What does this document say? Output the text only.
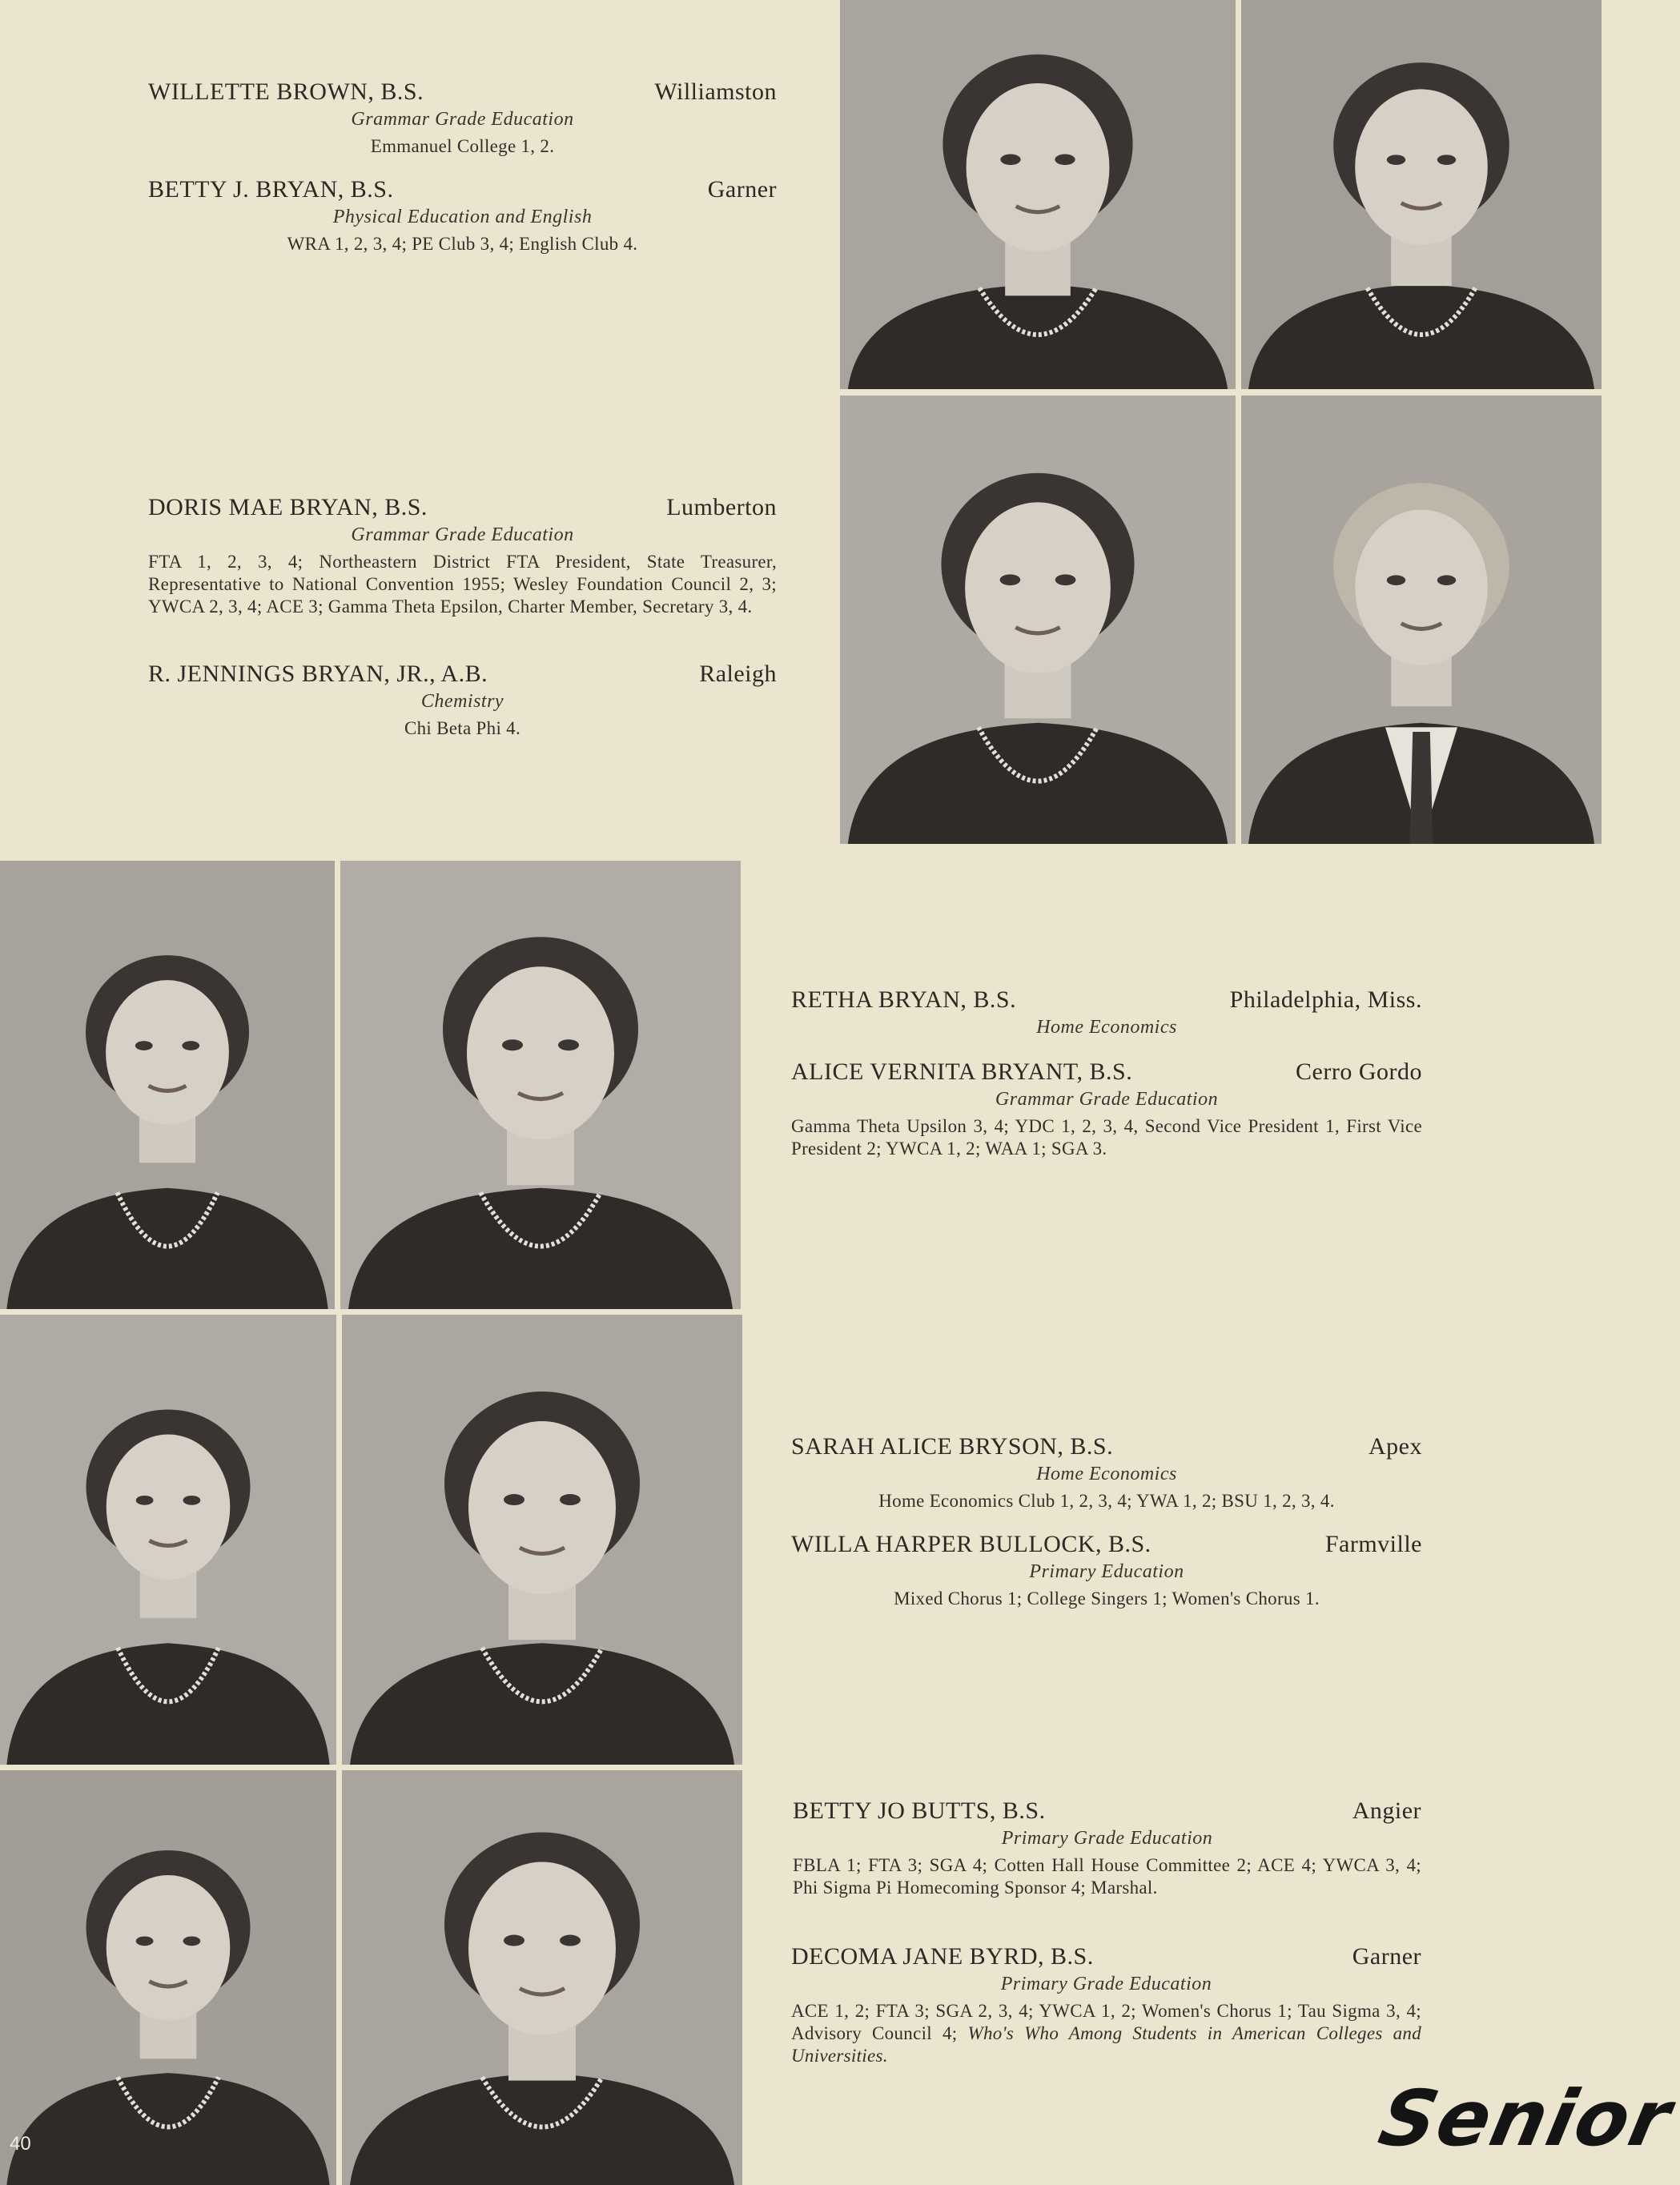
WILLETTE BROWN, B.S.	Williamston
Grammar Grade Education
Emmanuel College 1, 2.
BETTY J. BRYAN, B.S.	Garner
Physical Education and English
WRA 1, 2, 3, 4; PE Club 3, 4; English Club 4.
DORIS MAE BRYAN, B.S.	Lumberton
Grammar Grade Education
FTA 1, 2, 3, 4; Northeastern District FTA President, State Treasurer, Representative to National Convention 1955; Wesley Foundation Council 2, 3; YWCA 2, 3, 4; ACE 3; Gamma Theta Epsilon, Charter Member, Secretary 3, 4.
R. JENNINGS BRYAN, JR., A.B.	Raleigh
Chemistry
Chi Beta Phi 4.
RETHA BRYAN, B.S.	Philadelphia, Miss.
Home Economics
ALICE VERNITA BRYANT, B.S.	Cerro Gordo
Grammar Grade Education
Gamma Theta Upsilon 3, 4; YDC 1, 2, 3, 4, Second Vice President 1, First Vice President 2; YWCA 1, 2; WAA 1; SGA 3.
SARAH ALICE BRYSON, B.S.	Apex
Home Economics
Home Economics Club 1, 2, 3, 4; YWA 1, 2; BSU 1, 2, 3, 4.
WILLA HARPER BULLOCK, B.S.	Farmville
Primary Education
Mixed Chorus 1; College Singers 1; Women's Chorus 1.
BETTY JO BUTTS, B.S.	Angier
Primary Grade Education
FBLA 1; FTA 3; SGA 4; Cotten Hall House Committee 2; ACE 4; YWCA 3, 4; Phi Sigma Pi Homecoming Sponsor 4; Marshal.
DECOMA JANE BYRD, B.S.	Garner
Primary Grade Education
ACE 1, 2; FTA 3; SGA 2, 3, 4; YWCA 1, 2; Women's Chorus 1; Tau Sigma 3, 4; Advisory Council 4; Who's Who Among Students in American Colleges and Universities.
40	Senior
